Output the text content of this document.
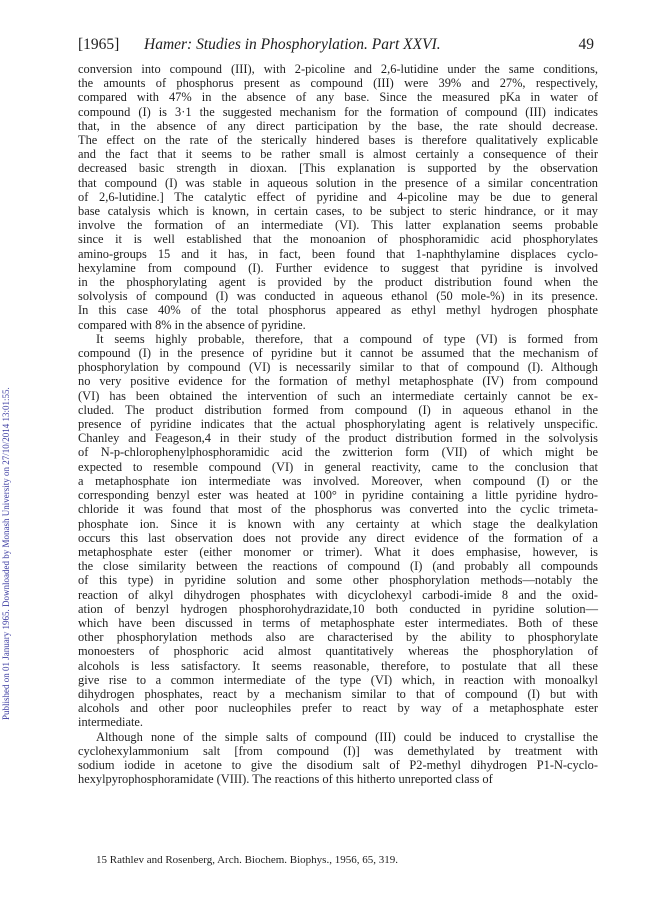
[1965] Hamer: Studies in Phosphorylation. Part XXVI.	49
Published on 01 January 1965. Downloaded by Monash University on 27/10/2014 13:01:55.
conversion into compound (III), with 2-picoline and 2,6-lutidine under the same conditions,
the amounts of phosphorus present as compound (III) were 39% and 27%, respectively,
compared with 47% in the absence of any base. Since the measured pKa in water of
compound (I) is 3·1 the suggested mechanism for the formation of compound (III) indicates
that, in the absence of any direct participation by the base, the rate should decrease.
The effect on the rate of the sterically hindered bases is therefore qualitatively explicable
and the fact that it seems to be rather small is almost certainly a consequence of their
decreased basic strength in dioxan. [This explanation is supported by the observation
that compound (I) was stable in aqueous solution in the presence of a similar concentration
of 2,6-lutidine.] The catalytic effect of pyridine and 4-picoline may be due to general
base catalysis which is known, in certain cases, to be subject to steric hindrance, or it may
involve the formation of an intermediate (VI). This latter explanation seems probable
since it is well established that the monoanion of phosphoramidic acid phosphorylates
amino-groups 15 and it has, in fact, been found that 1-naphthylamine displaces cyclo-
hexylamine from compound (I). Further evidence to suggest that pyridine is involved
in the phosphorylating agent is provided by the product distribution found when the
solvolysis of compound (I) was conducted in aqueous ethanol (50 mole-%) in its presence.
In this case 40% of the total phosphorus appeared as ethyl methyl hydrogen phosphate
compared with 8% in the absence of pyridine.
It seems highly probable, therefore, that a compound of type (VI) is formed from
compound (I) in the presence of pyridine but it cannot be assumed that the mechanism of
phosphorylation by compound (VI) is necessarily similar to that of compound (I). Although
no very positive evidence for the formation of methyl metaphosphate (IV) from compound
(VI) has been obtained the intervention of such an intermediate certainly cannot be ex-
cluded. The product distribution formed from compound (I) in aqueous ethanol in the
presence of pyridine indicates that the actual phosphorylating agent is relatively unspecific.
Chanley and Feageson,4 in their study of the product distribution formed in the solvolysis
of N-p-chlorophenylphosphoramidic acid the zwitterion form (VII) of which might be
expected to resemble compound (VI) in general reactivity, came to the conclusion that
a metaphosphate ion intermediate was involved. Moreover, when compound (I) or the
corresponding benzyl ester was heated at 100° in pyridine containing a little pyridine hydro-
chloride it was found that most of the phosphorus was converted into the cyclic trimeta-
phosphate ion. Since it is known with any certainty at which stage the dealkylation
occurs this last observation does not provide any direct evidence of the formation of a
metaphosphate ester (either monomer or trimer). What it does emphasise, however, is
the close similarity between the reactions of compound (I) (and probably all compounds
of this type) in pyridine solution and some other phosphorylation methods—notably the
reaction of alkyl dihydrogen phosphates with dicyclohexyl carbodi-imide 8 and the oxid-
ation of benzyl hydrogen phosphorohydrazidate,10 both conducted in pyridine solution—
which have been discussed in terms of metaphosphate ester intermediates. Both of these
other phosphorylation methods also are characterised by the ability to phosphorylate
monoesters of phosphoric acid almost quantitatively whereas the phosphorylation of
alcohols is less satisfactory. It seems reasonable, therefore, to postulate that all these
give rise to a common intermediate of the type (VI) which, in reaction with monoalkyl
dihydrogen phosphates, react by a mechanism similar to that of compound (I) but with
alcohols and other poor nucleophiles prefer to react by way of a metaphosphate ester
intermediate.
Although none of the simple salts of compound (III) could be induced to crystallise the
cyclohexylammonium salt [from compound (I)] was demethylated by treatment with
sodium iodide in acetone to give the disodium salt of P2-methyl dihydrogen P1-N-cyclo-
hexylpyrophosphoramidate (VIII). The reactions of this hitherto unreported class of
15 Rathlev and Rosenberg, Arch. Biochem. Biophys., 1956, 65, 319.
